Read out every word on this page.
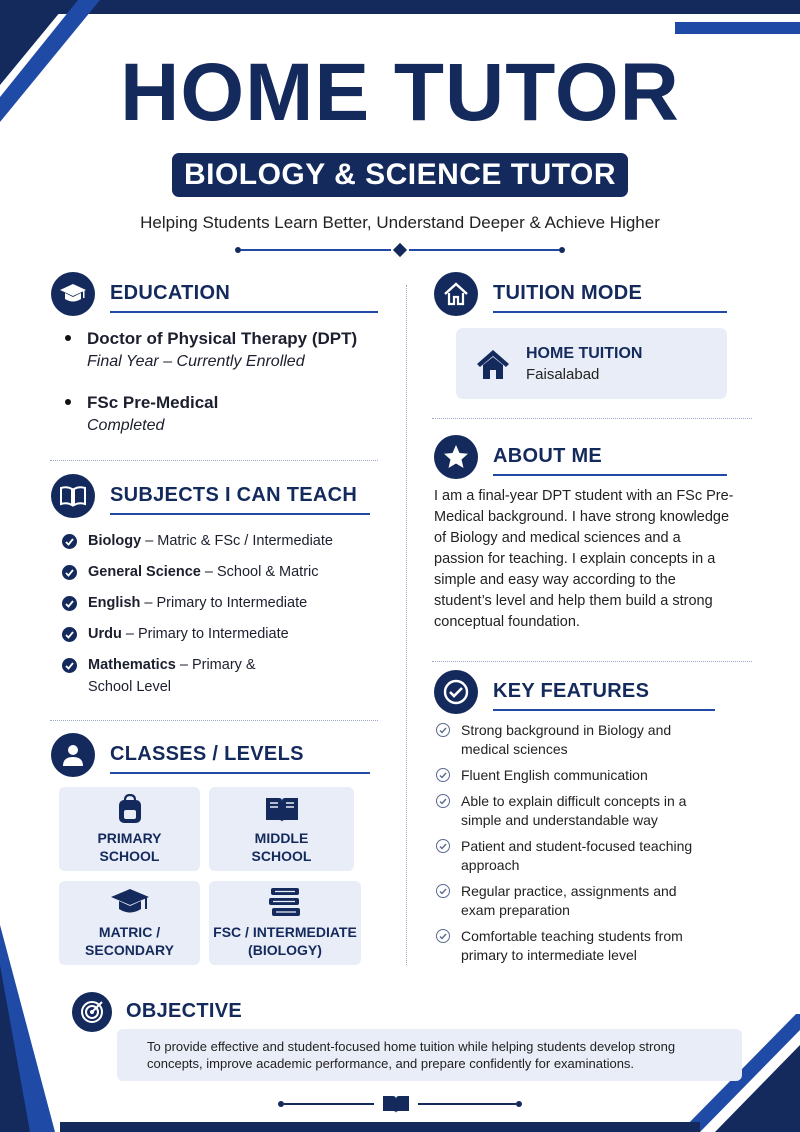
HOME TUTOR
BIOLOGY & SCIENCE TUTOR
Helping Students Learn Better, Understand Deeper & Achieve Higher
EDUCATION
Doctor of Physical Therapy (DPT)
Final Year – Currently Enrolled
FSc Pre-Medical
Completed
SUBJECTS I CAN TEACH
Biology – Matric & FSc / Intermediate
General Science – School & Matric
English – Primary to Intermediate
Urdu – Primary to Intermediate
Mathematics – Primary & School Level
CLASSES / LEVELS
PRIMARY
SCHOOL
MIDDLE
SCHOOL
MATRIC /
SECONDARY
FSC / INTERMEDIATE
(BIOLOGY)
TUITION MODE
HOME TUITION
Faisalabad
ABOUT ME
I am a final-year DPT student with an FSc Pre-Medical background. I have strong knowledge of Biology and medical sciences and a passion for teaching. I explain concepts in a simple and easy way according to the student’s level and help them build a strong conceptual foundation.
KEY FEATURES
Strong background in Biology and medical sciences
Fluent English communication
Able to explain difficult concepts in a simple and understandable way
Patient and student-focused teaching approach
Regular practice, assignments and exam preparation
Comfortable teaching students from primary to intermediate level
OBJECTIVE
To provide effective and student-focused home tuition while helping students develop strong concepts, improve academic performance, and prepare confidently for examinations.
